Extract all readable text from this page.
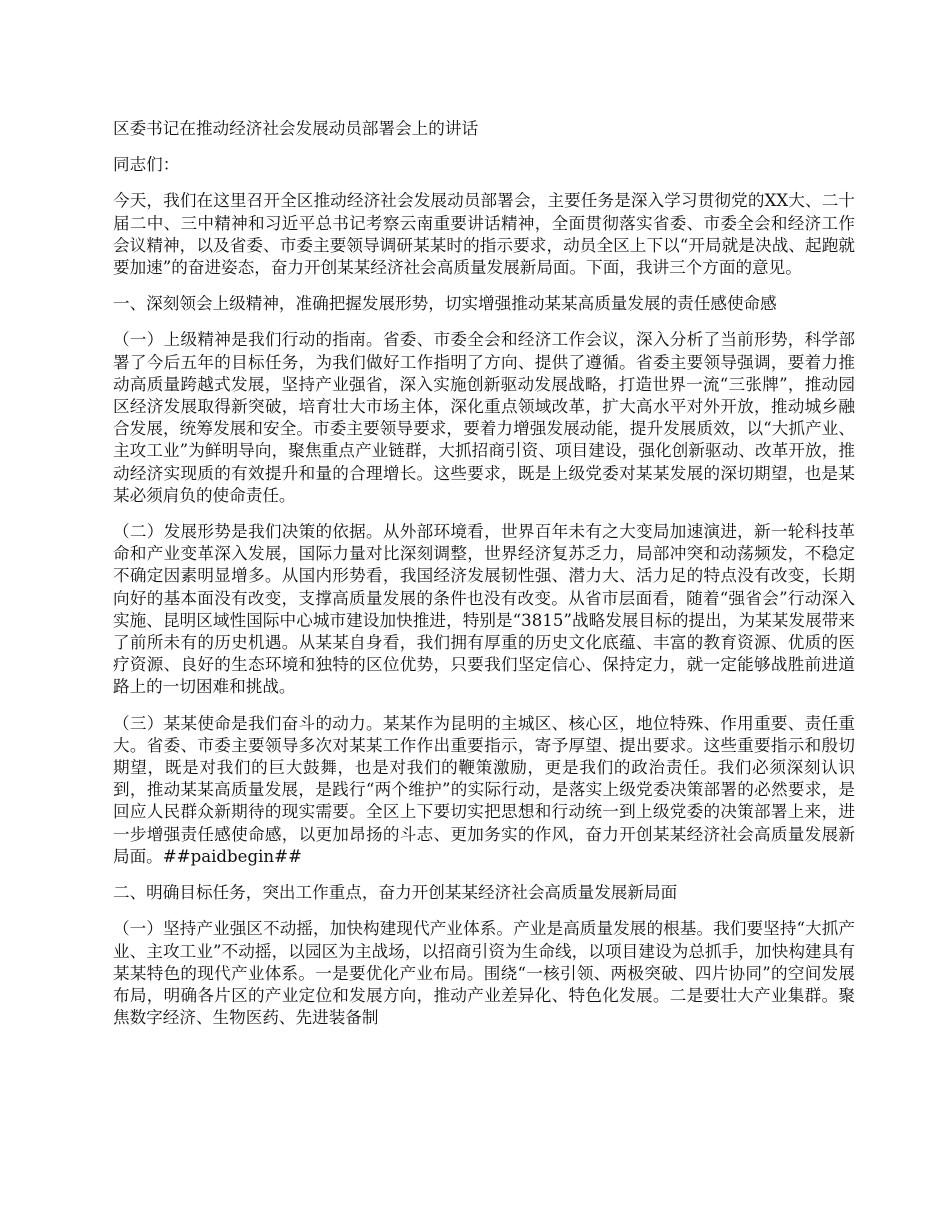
区委书记在推动经济社会发展动员部署会上的讲话

同志们：

今天，我们在这里召开全区推动经济社会发展动员部署会，主要任务是深入学习贯彻党的XX大、二十届二中、三中精神和习近平总书记考察云南重要讲话精神，全面贯彻落实省委、市委全会和经济工作会议精神，以及省委、市委主要领导调研某某时的指示要求，动员全区上下以“开局就是决战、起跑就要加速”的奋进姿态，奋力开创某某经济社会高质量发展新局面。下面，我讲三个方面的意见。

一、深刻领会上级精神，准确把握发展形势，切实增强推动某某高质量发展的责任感使命感

（一）上级精神是我们行动的指南。省委、市委全会和经济工作会议，深入分析了当前形势，科学部署了今后五年的目标任务，为我们做好工作指明了方向、提供了遵循。省委主要领导强调，要着力推动高质量跨越式发展，坚持产业强省，深入实施创新驱动发展战略，打造世界一流“三张牌”，推动园区经济发展取得新突破，培育壮大市场主体，深化重点领域改革，扩大高水平对外开放，推动城乡融合发展，统筹发展和安全。市委主要领导要求，要着力增强发展动能，提升发展质效，以“大抓产业、主攻工业”为鲜明导向，聚焦重点产业链群，大抓招商引资、项目建设，强化创新驱动、改革开放，推动经济实现质的有效提升和量的合理增长。这些要求，既是上级党委对某某发展的深切期望，也是某某必须肩负的使命责任。

（二）发展形势是我们决策的依据。从外部环境看，世界百年未有之大变局加速演进，新一轮科技革命和产业变革深入发展，国际力量对比深刻调整，世界经济复苏乏力，局部冲突和动荡频发，不稳定不确定因素明显增多。从国内形势看，我国经济发展韧性强、潜力大、活力足的特点没有改变，长期向好的基本面没有改变，支撑高质量发展的条件也没有改变。从省市层面看，随着“强省会”行动深入实施、昆明区域性国际中心城市建设加快推进，特别是“3815”战略发展目标的提出，为某某发展带来了前所未有的历史机遇。从某某自身看，我们拥有厚重的历史文化底蕴、丰富的教育资源、优质的医疗资源、良好的生态环境和独特的区位优势，只要我们坚定信心、保持定力，就一定能够战胜前进道路上的一切困难和挑战。

（三）某某使命是我们奋斗的动力。某某作为昆明的主城区、核心区，地位特殊、作用重要、责任重大。省委、市委主要领导多次对某某工作作出重要指示，寄予厚望、提出要求。这些重要指示和殷切期望，既是对我们的巨大鼓舞，也是对我们的鞭策激励，更是我们的政治责任。我们必须深刻认识到，推动某某高质量发展，是践行“两个维护”的实际行动，是落实上级党委决策部署的必然要求，是回应人民群众新期待的现实需要。全区上下要切实把思想和行动统一到上级党委的决策部署上来，进一步增强责任感使命感，以更加昂扬的斗志、更加务实的作风，奋力开创某某经济社会高质量发展新局面。##paidbegin##

二、明确目标任务，突出工作重点，奋力开创某某经济社会高质量发展新局面

（一）坚持产业强区不动摇，加快构建现代产业体系。产业是高质量发展的根基。我们要坚持“大抓产业、主攻工业”不动摇，以园区为主战场，以招商引资为生命线，以项目建设为总抓手，加快构建具有某某特色的现代产业体系。一是要优化产业布局。围绕“一核引领、两极突破、四片协同”的空间发展布局，明确各片区的产业定位和发展方向，推动产业差异化、特色化发展。二是要壮大产业集群。聚焦数字经济、生物医药、先进装备制
